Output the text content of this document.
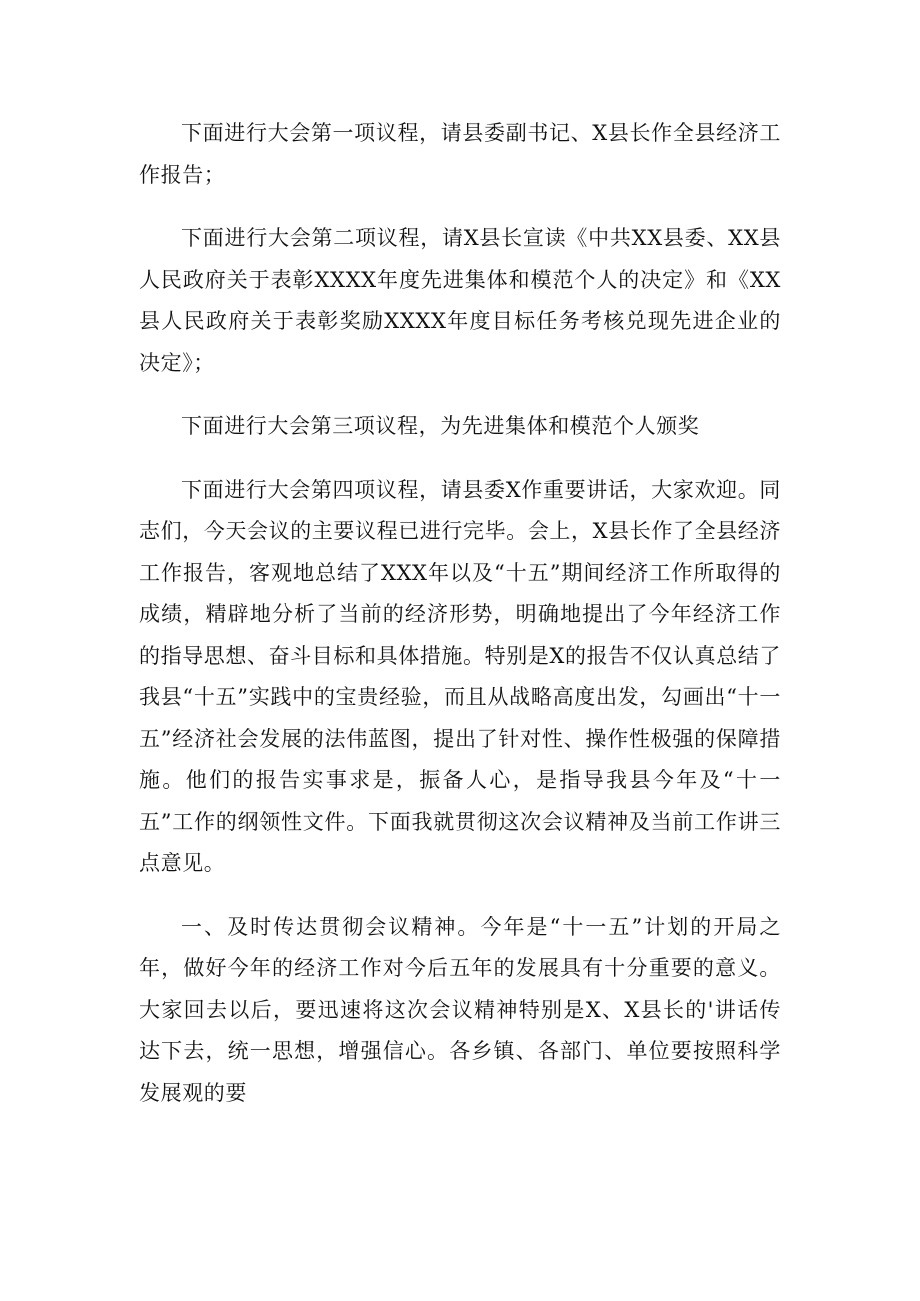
下面进行大会第一项议程，请县委副书记、X县长作全县经济工作报告；

下面进行大会第二项议程，请X县长宣读《中共XX县委、XX县人民政府关于表彰XXXX年度先进集体和模范个人的决定》和《XX县人民政府关于表彰奖励XXXX年度目标任务考核兑现先进企业的决定》；

下面进行大会第三项议程，为先进集体和模范个人颁奖

下面进行大会第四项议程，请县委X作重要讲话，大家欢迎。同志们，今天会议的主要议程已进行完毕。会上，X县长作了全县经济工作报告，客观地总结了XXX年以及“十五”期间经济工作所取得的成绩，精辟地分析了当前的经济形势，明确地提出了今年经济工作的指导思想、奋斗目标和具体措施。特别是X的报告不仅认真总结了我县“十五”实践中的宝贵经验，而且从战略高度出发，勾画出“十一五”经济社会发展的法伟蓝图，提出了针对性、操作性极强的保障措施。他们的报告实事求是，振备人心，是指导我县今年及“十一五”工作的纲领性文件。下面我就贯彻这次会议精神及当前工作讲三点意见。

一、及时传达贯彻会议精神。今年是“十一五”计划的开局之年，做好今年的经济工作对今后五年的发展具有十分重要的意义。大家回去以后，要迅速将这次会议精神特别是X、X县长的'讲话传达下去，统一思想，增强信心。各乡镇、各部门、单位要按照科学发展观的要
